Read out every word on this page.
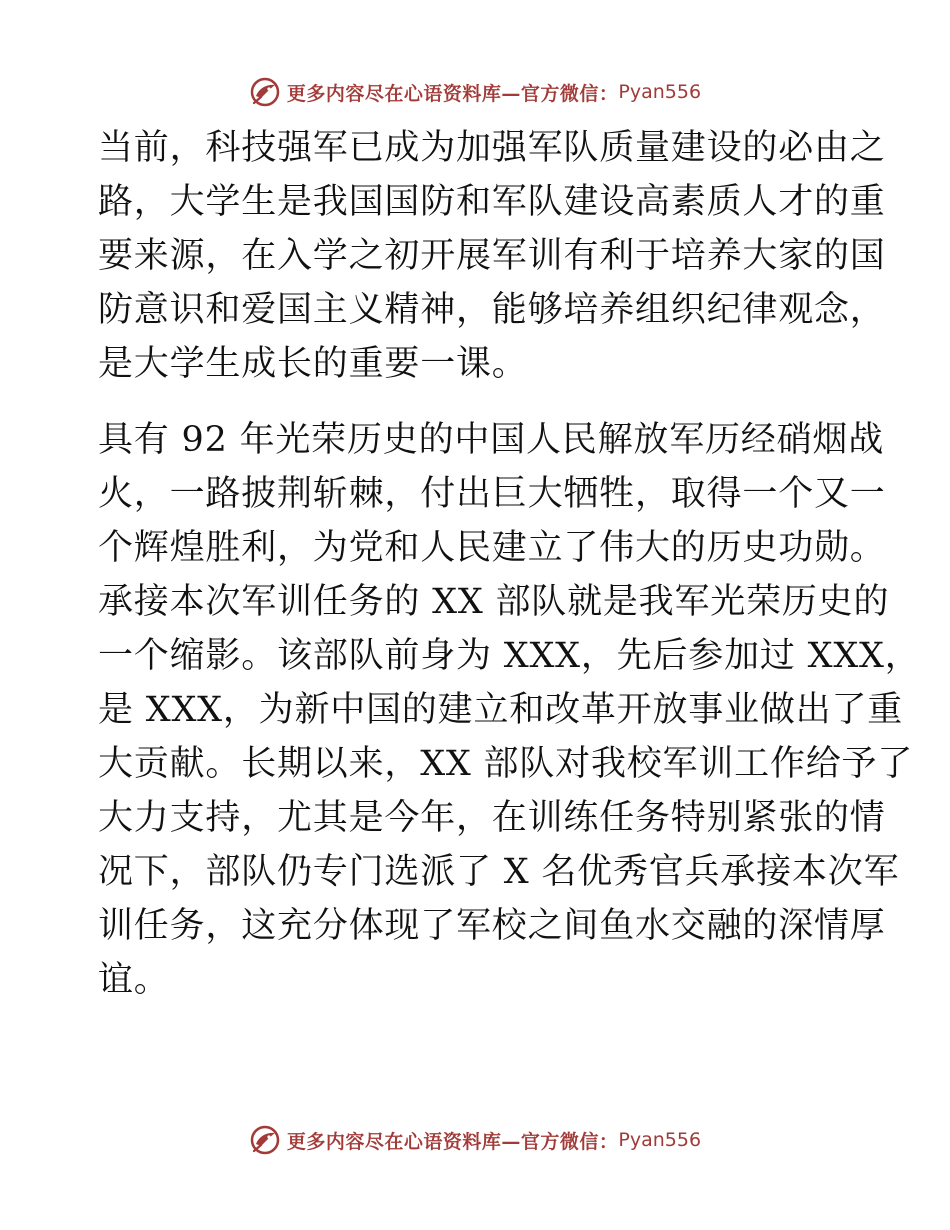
更多内容尽在心语资料库—官方微信： Pyan556
当前，科技强军已成为加强军队质量建设的必由之
路，大学生是我国国防和军队建设高素质人才的重
要来源，在入学之初开展军训有利于培养大家的国
防意识和爱国主义精神，能够培养组织纪律观念，
是大学生成长的重要一课。
具有 92 年光荣历史的中国人民解放军历经硝烟战
火，一路披荆斩棘，付出巨大牺牲，取得一个又一
个辉煌胜利，为党和人民建立了伟大的历史功勋。
承接本次军训任务的 XX 部队就是我军光荣历史的
一个缩影。该部队前身为 XXX，先后参加过 XXX，
是 XXX，为新中国的建立和改革开放事业做出了重
大贡献。长期以来，XX 部队对我校军训工作给予了
大力支持，尤其是今年，在训练任务特别紧张的情
况下，部队仍专门选派了 X 名优秀官兵承接本次军
训任务，这充分体现了军校之间鱼水交融的深情厚
谊。
更多内容尽在心语资料库—官方微信： Pyan556
